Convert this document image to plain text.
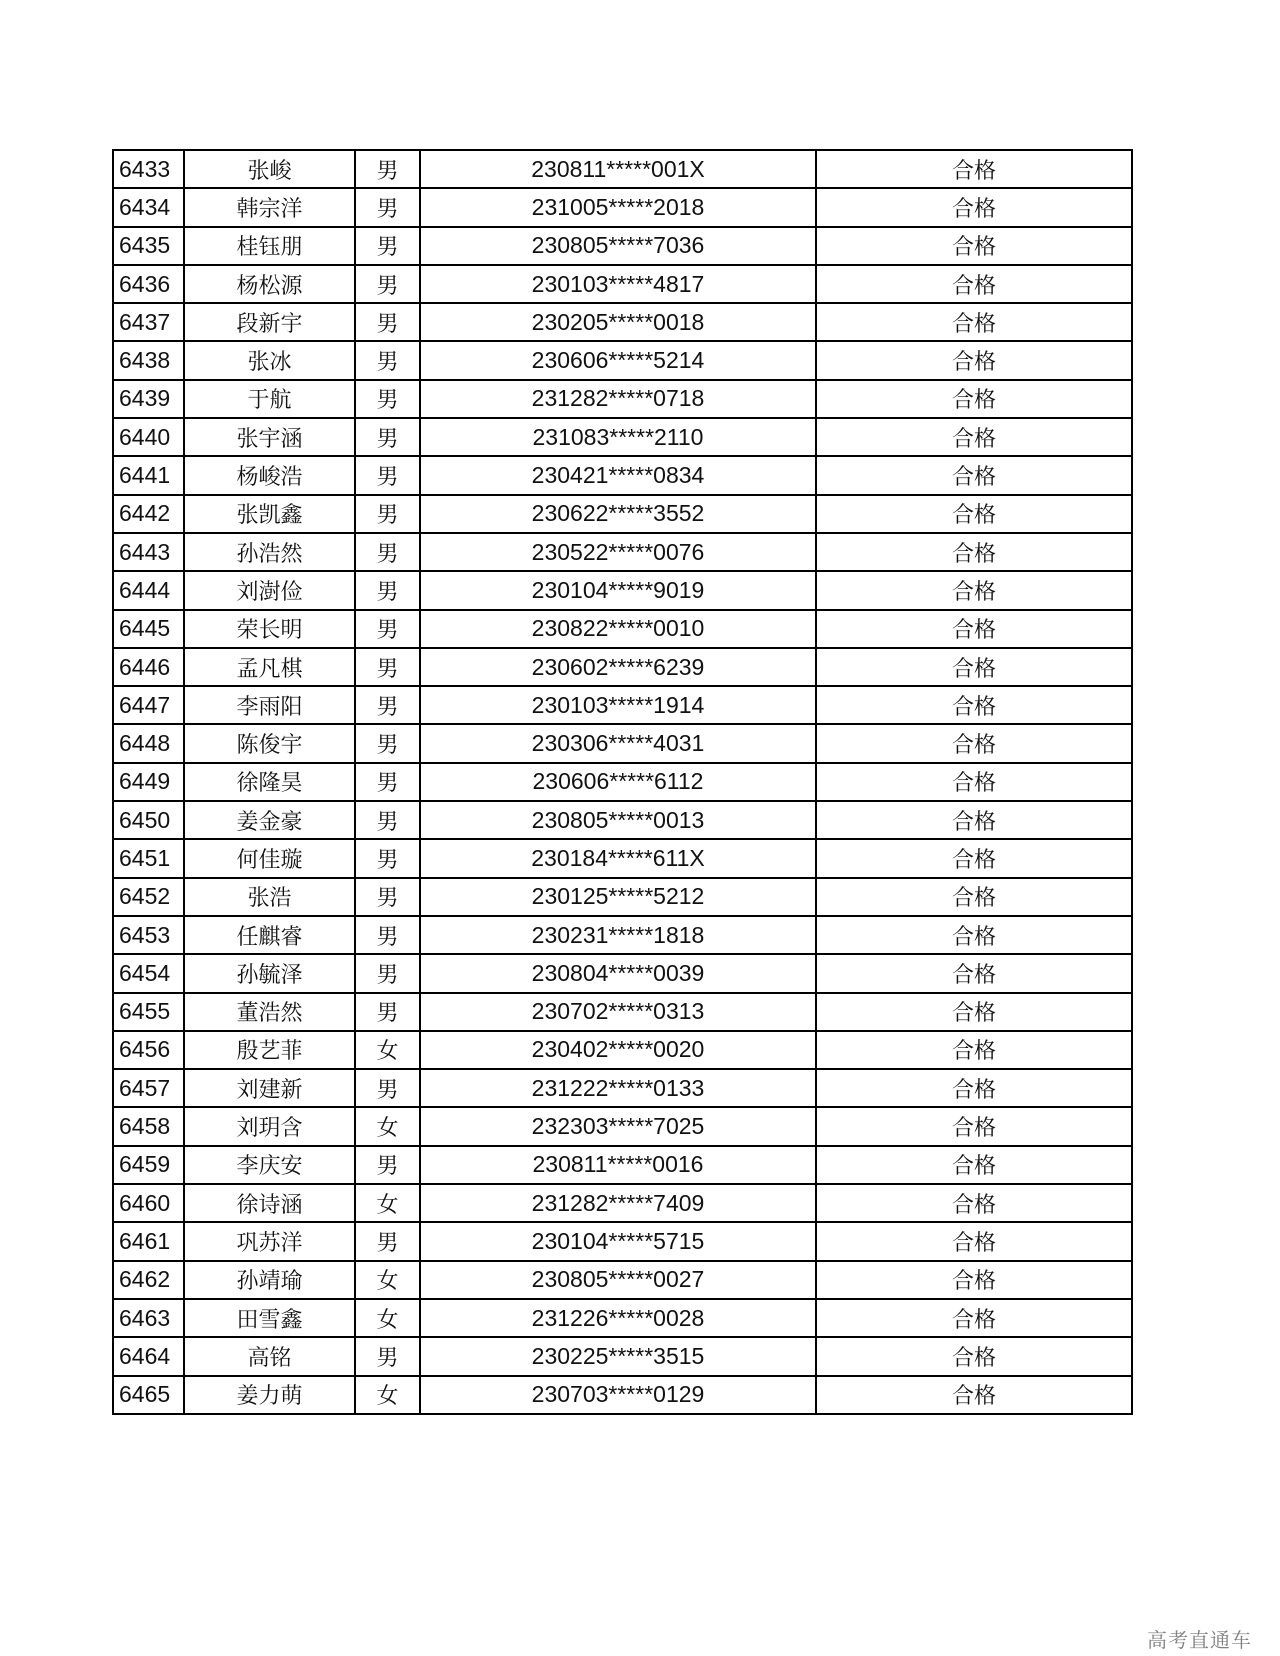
6433	张峻	男	230811*****001X	合格
6434	韩宗洋	男	231005*****2018	合格
6435	桂钰朋	男	230805*****7036	合格
6436	杨松源	男	230103*****4817	合格
6437	段新宇	男	230205*****0018	合格
6438	张冰	男	230606*****5214	合格
6439	于航	男	231282*****0718	合格
6440	张宇涵	男	231083*****2110	合格
6441	杨峻浩	男	230421*****0834	合格
6442	张凯鑫	男	230622*****3552	合格
6443	孙浩然	男	230522*****0076	合格
6444	刘澍俭	男	230104*****9019	合格
6445	荣长明	男	230822*****0010	合格
6446	孟凡棋	男	230602*****6239	合格
6447	李雨阳	男	230103*****1914	合格
6448	陈俊宇	男	230306*****4031	合格
6449	徐隆昊	男	230606*****6112	合格
6450	姜金豪	男	230805*****0013	合格
6451	何佳璇	男	230184*****611X	合格
6452	张浩	男	230125*****5212	合格
6453	任麒睿	男	230231*****1818	合格
6454	孙毓泽	男	230804*****0039	合格
6455	董浩然	男	230702*****0313	合格
6456	殷艺菲	女	230402*****0020	合格
6457	刘建新	男	231222*****0133	合格
6458	刘玥含	女	232303*****7025	合格
6459	李庆安	男	230811*****0016	合格
6460	徐诗涵	女	231282*****7409	合格
6461	巩苏洋	男	230104*****5715	合格
6462	孙靖瑜	女	230805*****0027	合格
6463	田雪鑫	女	231226*****0028	合格
6464	高铭	男	230225*****3515	合格
6465	姜力萌	女	230703*****0129	合格
高考直通车
